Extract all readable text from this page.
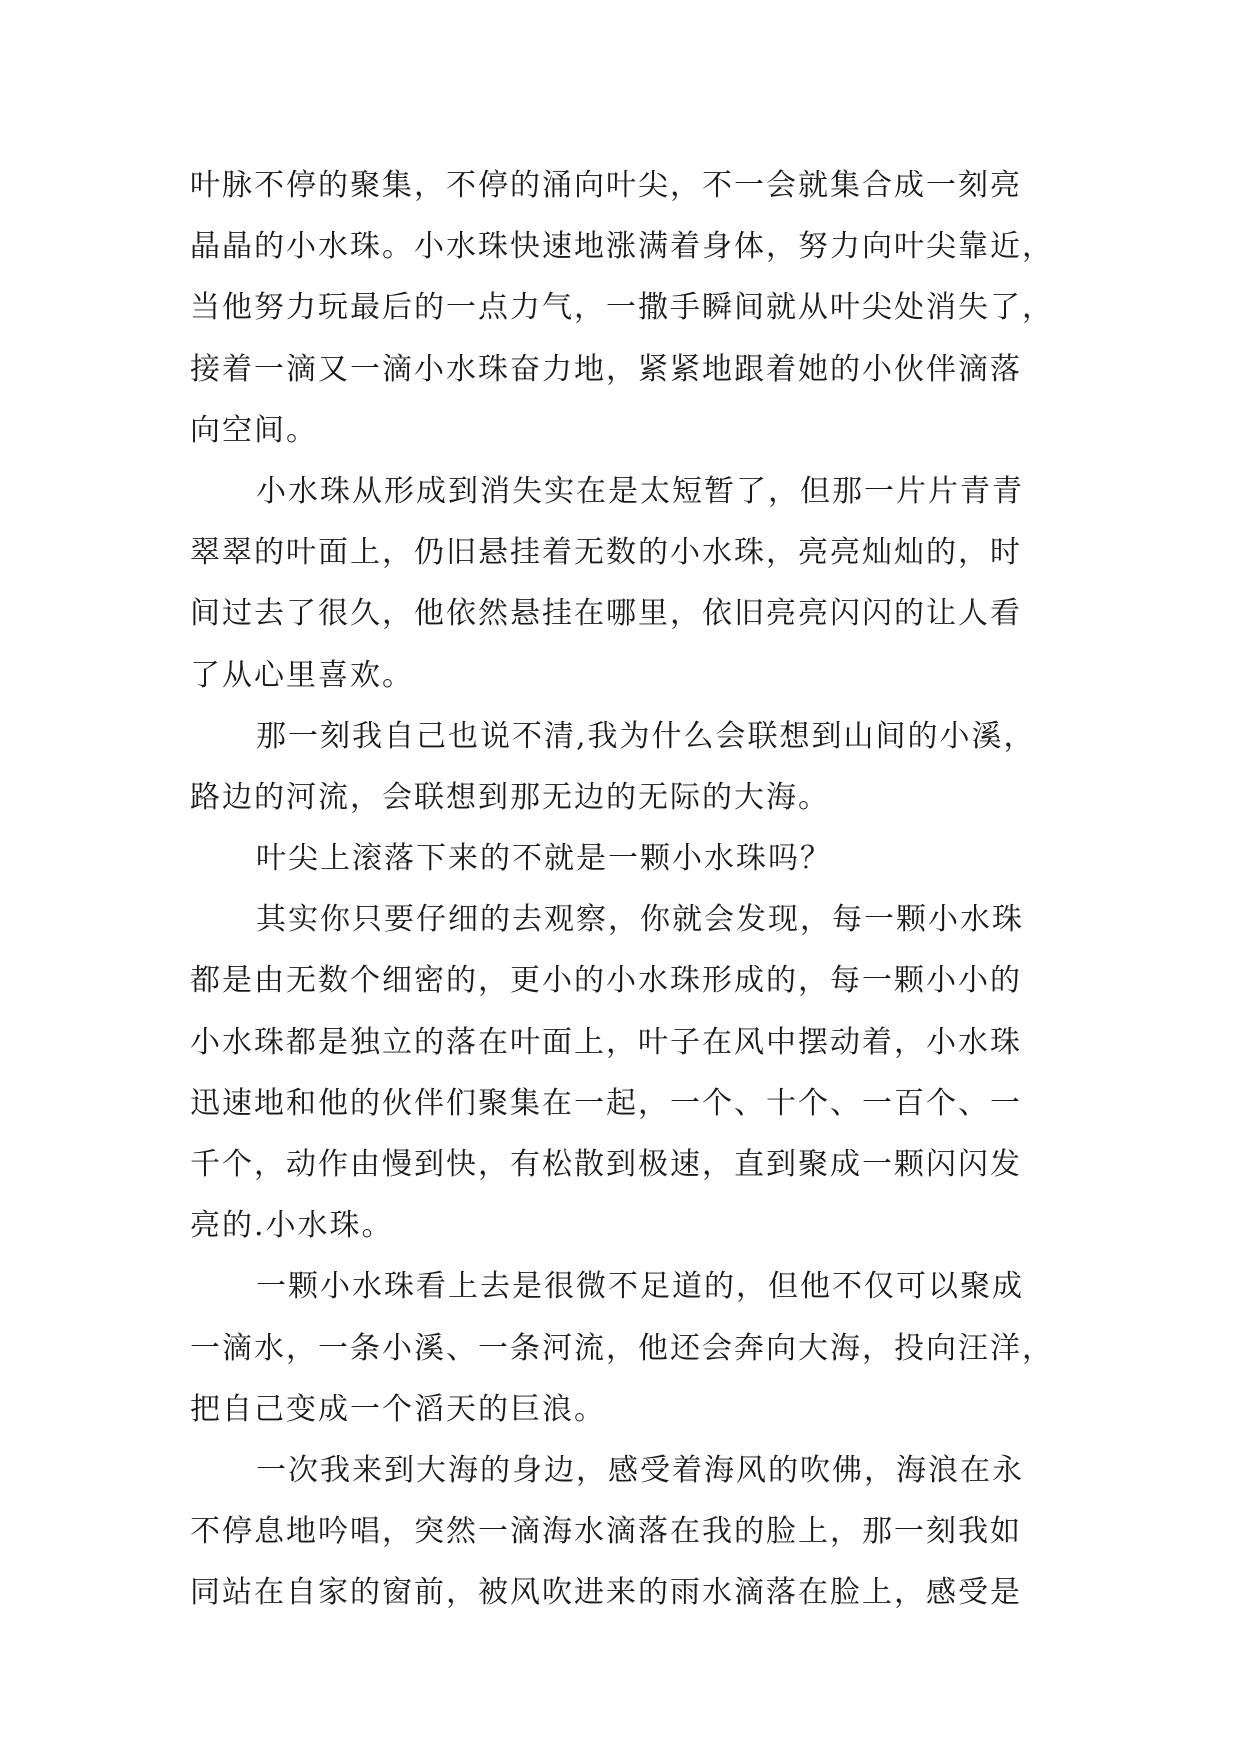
叶脉不停的聚集，不停的涌向叶尖，不一会就集合成一刻亮
晶晶的小水珠。小水珠快速地涨满着身体，努力向叶尖靠近，
当他努力玩最后的一点力气，一撒手瞬间就从叶尖处消失了，
接着一滴又一滴小水珠奋力地，紧紧地跟着她的小伙伴滴落
向空间。
小水珠从形成到消失实在是太短暂了，但那一片片青青
翠翠的叶面上，仍旧悬挂着无数的小水珠，亮亮灿灿的，时
间过去了很久，他依然悬挂在哪里，依旧亮亮闪闪的让人看
了从心里喜欢。
那一刻我自己也说不清,我为什么会联想到山间的小溪，
路边的河流，会联想到那无边的无际的大海。
叶尖上滚落下来的不就是一颗小水珠吗？
其实你只要仔细的去观察，你就会发现，每一颗小水珠
都是由无数个细密的，更小的小水珠形成的，每一颗小小的
小水珠都是独立的落在叶面上，叶子在风中摆动着，小水珠
迅速地和他的伙伴们聚集在一起，一个、十个、一百个、一
千个，动作由慢到快，有松散到极速，直到聚成一颗闪闪发
亮的.小水珠。
一颗小水珠看上去是很微不足道的，但他不仅可以聚成
一滴水，一条小溪、一条河流，他还会奔向大海，投向汪洋，
把自己变成一个滔天的巨浪。
一次我来到大海的身边，感受着海风的吹佛，海浪在永
不停息地吟唱，突然一滴海水滴落在我的脸上，那一刻我如
同站在自家的窗前，被风吹进来的雨水滴落在脸上，感受是
